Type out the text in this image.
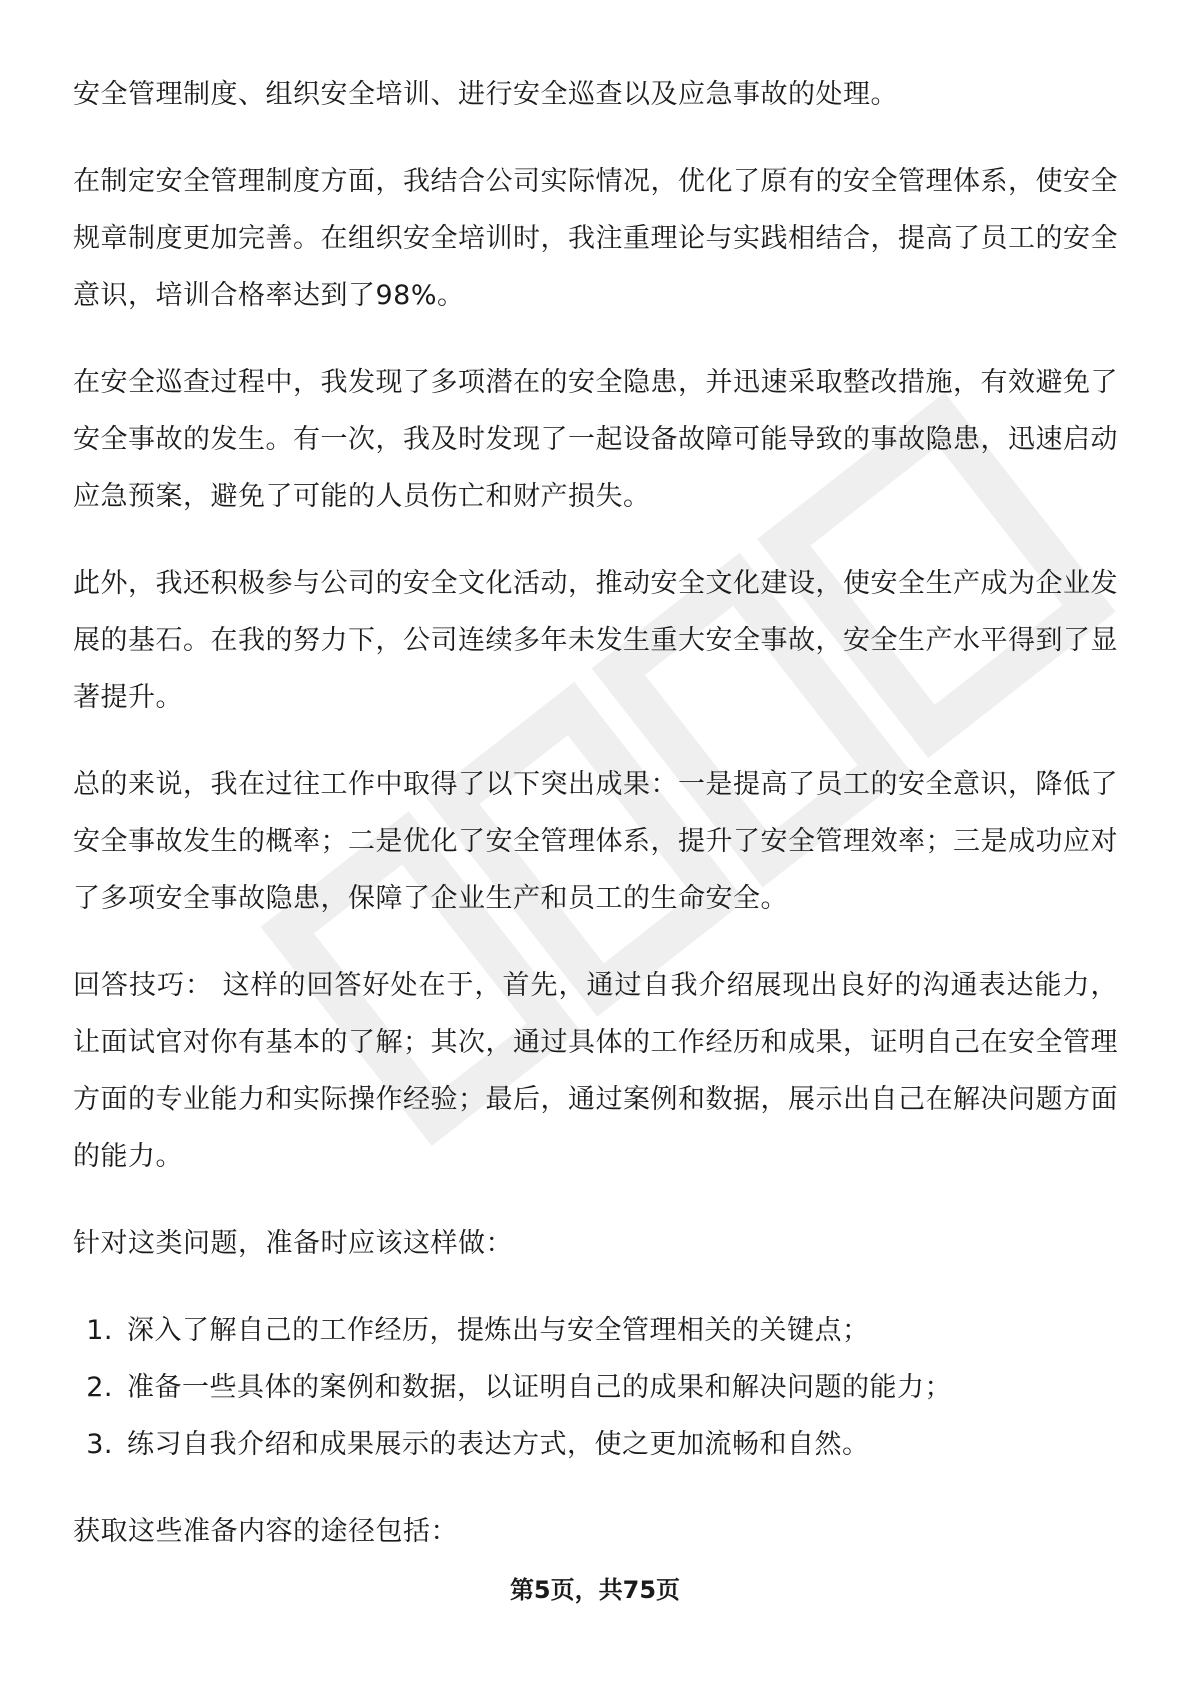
安全管理制度、组织安全培训、进行安全巡查以及应急事故的处理。

在制定安全管理制度方面，我结合公司实际情况，优化了原有的安全管理体系，使安全规章制度更加完善。在组织安全培训时，我注重理论与实践相结合，提高了员工的安全意识，培训合格率达到了98%。

在安全巡查过程中，我发现了多项潜在的安全隐患，并迅速采取整改措施，有效避免了安全事故的发生。有一次，我及时发现了一起设备故障可能导致的事故隐患，迅速启动应急预案，避免了可能的人员伤亡和财产损失。

此外，我还积极参与公司的安全文化活动，推动安全文化建设，使安全生产成为企业发展的基石。在我的努力下，公司连续多年未发生重大安全事故，安全生产水平得到了显著提升。

总的来说，我在过往工作中取得了以下突出成果：一是提高了员工的安全意识，降低了安全事故发生的概率；二是优化了安全管理体系，提升了安全管理效率；三是成功应对了多项安全事故隐患，保障了企业生产和员工的生命安全。

回答技巧： 这样的回答好处在于，首先，通过自我介绍展现出良好的沟通表达能力，让面试官对你有基本的了解；其次，通过具体的工作经历和成果，证明自己在安全管理方面的专业能力和实际操作经验；最后，通过案例和数据，展示出自己在解决问题方面的能力。

针对这类问题，准备时应该这样做：

1. 深入了解自己的工作经历，提炼出与安全管理相关的关键点；
2. 准备一些具体的案例和数据，以证明自己的成果和解决问题的能力；
3. 练习自我介绍和成果展示的表达方式，使之更加流畅和自然。

获取这些准备内容的途径包括：

第5页，共75页
